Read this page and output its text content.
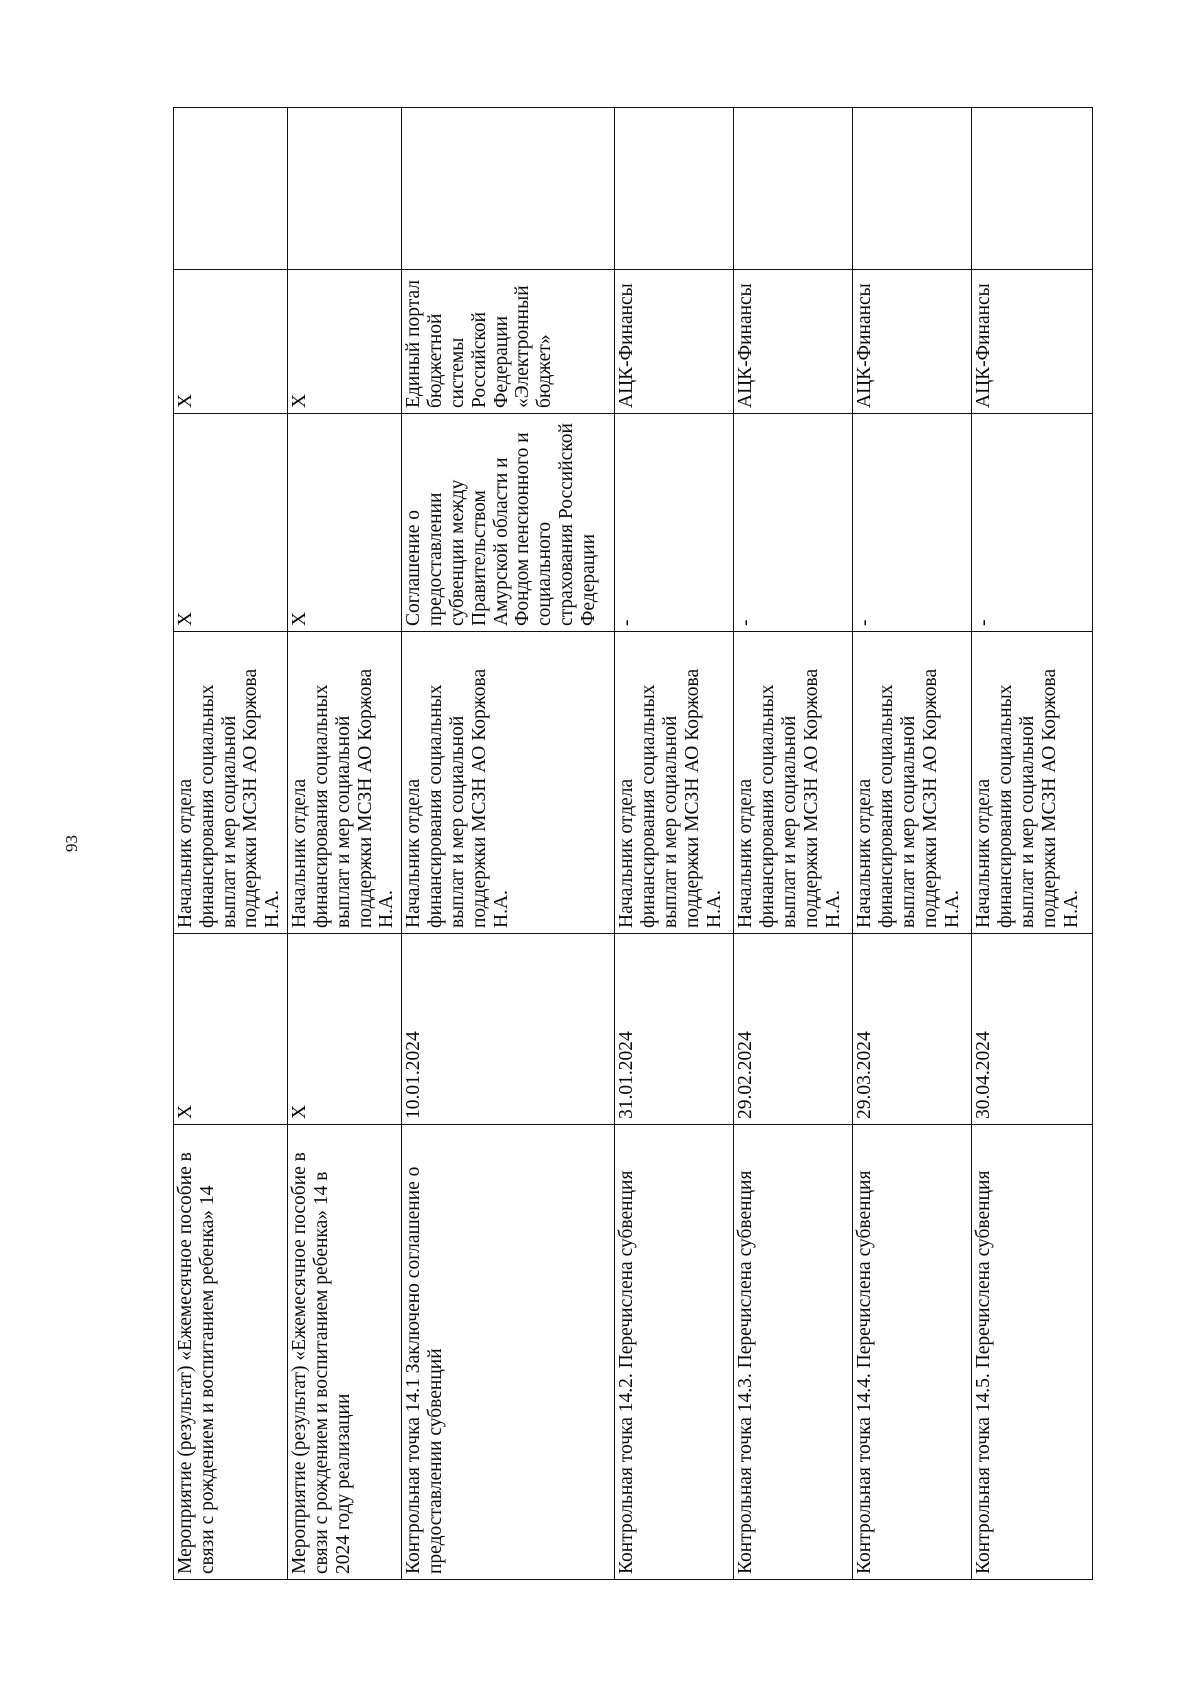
93
Мероприятие (результат) «Ежемесячное пособие в связи с рождением и воспитанием ребенка» 14	X	Начальник отдела финансирования социальных выплат и мер социальной поддержки МСЗН АО Коржова Н.А.	X	X	
Мероприятие (результат) «Ежемесячное пособие в связи с рождением и воспитанием ребенка» 14 в 2024 году реализации	X	Начальник отдела финансирования социальных выплат и мер социальной поддержки МСЗН АО Коржова Н.А.	X	X	
Контрольная точка 14.1 Заключено соглашение о предоставлении субвенций	10.01.2024	Начальник отдела финансирования социальных выплат и мер социальной поддержки МСЗН АО Коржова Н.А.	Соглашение о предоставлении субвенции между Правительством Амурской области и Фондом пенсионного и социального страхования Российской Федерации	Единый портал бюджетной системы Российской Федерации «Электронный бюджет»	
Контрольная точка 14.2. Перечислена субвенция	31.01.2024	Начальник отдела финансирования социальных выплат и мер социальной поддержки МСЗН АО Коржова Н.А.	-	АЦК-Финансы	
Контрольная точка 14.3. Перечислена субвенция	29.02.2024	Начальник отдела финансирования социальных выплат и мер социальной поддержки МСЗН АО Коржова Н.А.	-	АЦК-Финансы	
Контрольная точка 14.4. Перечислена субвенция	29.03.2024	Начальник отдела финансирования социальных выплат и мер социальной поддержки МСЗН АО Коржова Н.А.	-	АЦК-Финансы	
Контрольная точка 14.5. Перечислена субвенция	30.04.2024	Начальник отдела финансирования социальных выплат и мер социальной поддержки МСЗН АО Коржова Н.А.	-	АЦК-Финансы	
